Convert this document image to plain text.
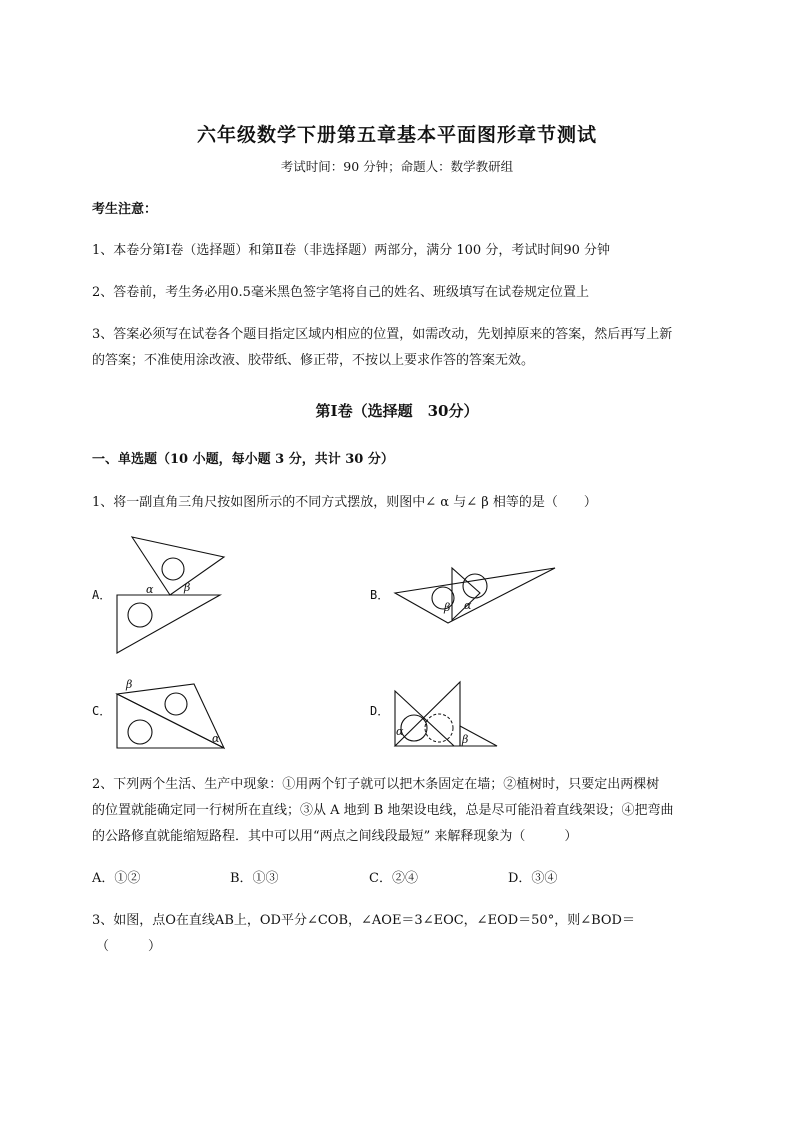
六年级数学下册第五章基本平面图形章节测试
考试时间：90 分钟；命题人：数学教研组
考生注意：
1、本卷分第Ⅰ卷（选择题）和第Ⅱ卷（非选择题）两部分，满分 100 分，考试时间90 分钟
2、答卷前，考生务必用0.5毫米黑色签字笔将自己的姓名、班级填写在试卷规定位置上
3、答案必须写在试卷各个题目指定区域内相应的位置，如需改动，先划掉原来的答案，然后再写上新
的答案；不准使用涂改液、胶带纸、修正带，不按以上要求作答的答案无效。
第Ⅰ卷（选择题　30分）
一、单选题（10 小题，每小题 3 分，共计 30 分）
1、将一副直角三角尺按如图所示的不同方式摆放，则图中∠ α 与∠ β 相等的是（　　）
A．	α	β
B．
β α
C．
β
α
D．
α
β
2、下列两个生活、生产中现象：①用两个钉子就可以把木条固定在墙；②植树时，只要定出两棵树
的位置就能确定同一行树所在直线；③从 A 地到 B 地架设电线，总是尽可能沿着直线架设；④把弯曲
的公路修直就能缩短路程．其中可以用“两点之间线段最短” 来解释现象为（　　　）
A．①②	B．①③	C．②④	D．③④
3、如图，点O在直线AB上，OD平分∠COB，∠AOE＝3∠EOC，∠EOD＝50°，则∠BOD＝
（　　　）
